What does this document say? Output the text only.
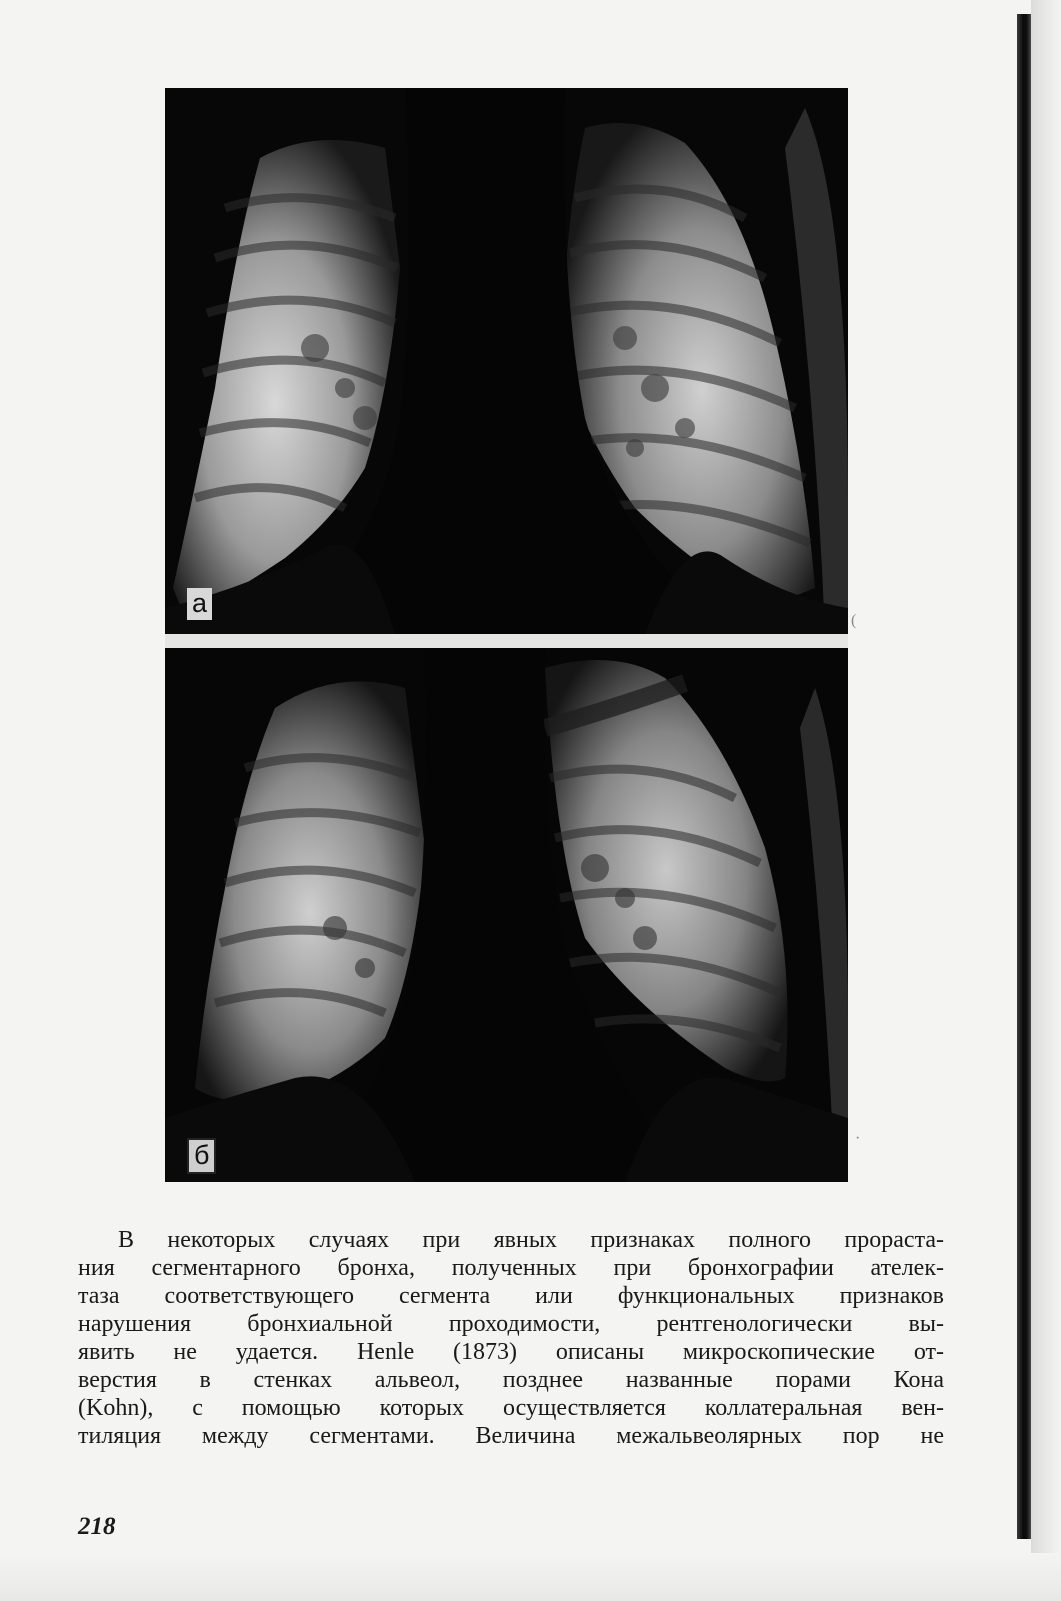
а
б
В некоторых случаях при явных признаках полного прораста-
ния сегментарного бронха, полученных при бронхографии ателек-
таза соответствующего сегмента или функциональных признаков
нарушения бронхиальной проходимости, рентгенологически вы-
явить не удается. Henle (1873) описаны микроскопические от-
верстия в стенках альвеол, позднее названные порами Кона
(Kohn), с помощью которых осуществляется коллатеральная вен-
тиляция между сегментами. Величина межальвеолярных пор не
218
(
·
